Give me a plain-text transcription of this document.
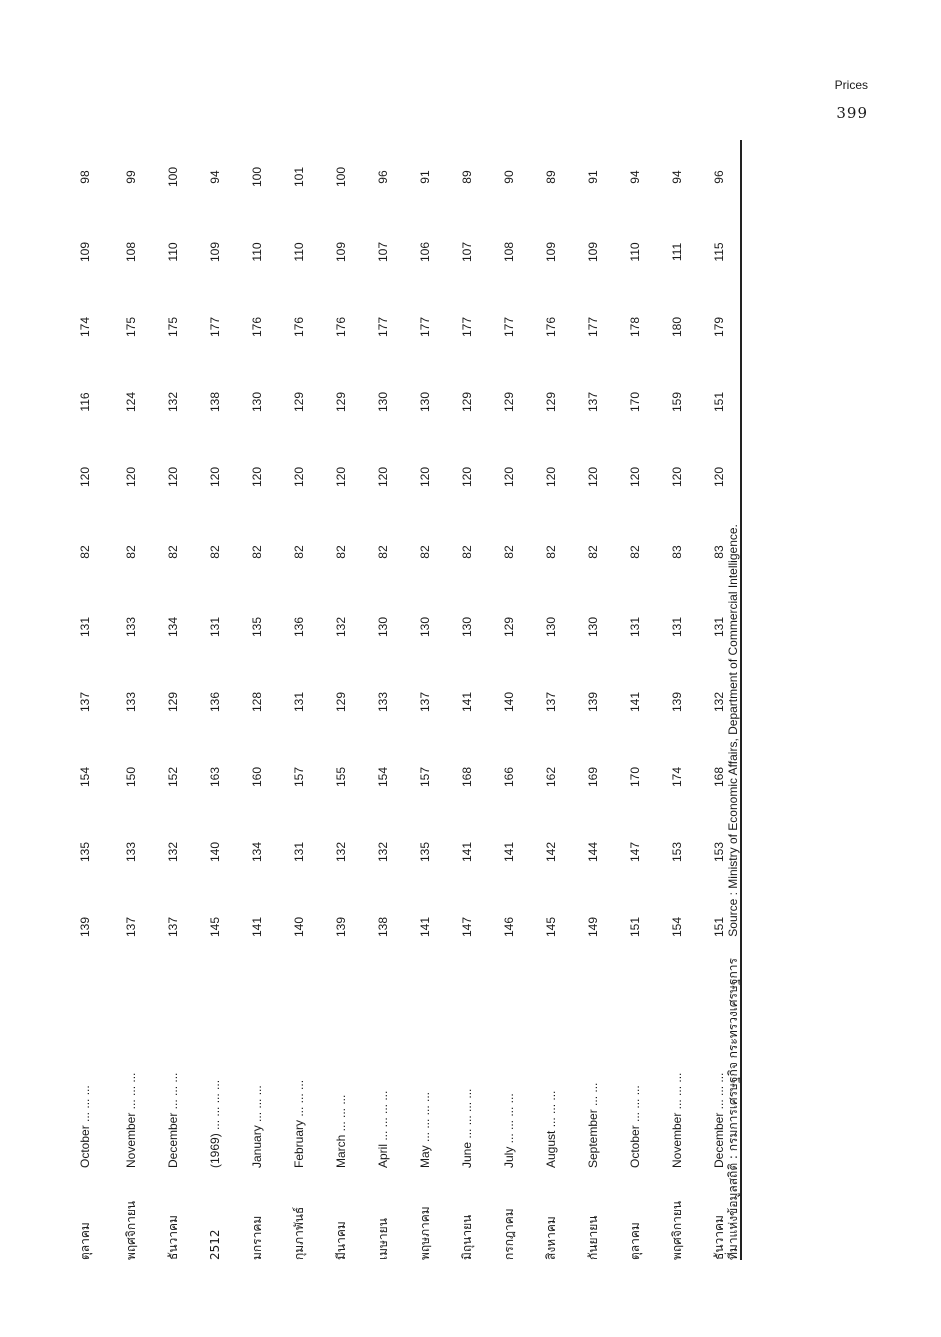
Prices
399
ตุลาคม
October ... ... ...
139
135
154
137
131
82
120
116
174
109
98
พฤศจิกายน
November ... ... ...
137
133
150
133
133
82
120
124
175
108
99
ธันวาคม
December ... ... ...
137
132
152
129
134
82
120
132
175
110
100
2512
(1969) ... ... ... ...
145
140
163
136
131
82
120
138
177
109
94
มกราคม
January ... ... ...
141
134
160
128
135
82
120
130
176
110
100
กุมภาพันธ์
February ... ... ...
140
131
157
131
136
82
120
129
176
110
101
มีนาคม
March ... ... ...
139
132
155
129
132
82
120
129
176
109
100
เมษายน
April ... ... ... ...
138
132
154
133
130
82
120
130
177
107
96
พฤษภาคม
May ... ... ... ...
141
135
157
137
130
82
120
130
177
106
91
มิถุนายน
June ... ... ... ...
147
141
168
141
130
82
120
129
177
107
89
กรกฎาคม
July ... ... ... ...
146
141
166
140
129
82
120
129
177
108
90
สิงหาคม
August ... ... ...
145
142
162
137
130
82
120
129
176
109
89
กันยายน
September ... ...
149
144
169
139
130
82
120
137
177
109
91
ตุลาคม
October ... ... ...
151
147
170
141
131
82
120
170
178
110
94
พฤศจิกายน
November ... ... ...
154
153
174
139
131
83
120
159
180
111
94
ธันวาคม
December ... ... ...
151
153
168
132
131
83
120
151
179
115
96
ที่มาแห่งข้อมูลสถิติ : กรมการเศรษฐกิจ กระทรวงเศรษฐการ Source : Ministry of Economic Affairs, Department of Commercial Intelligence.
